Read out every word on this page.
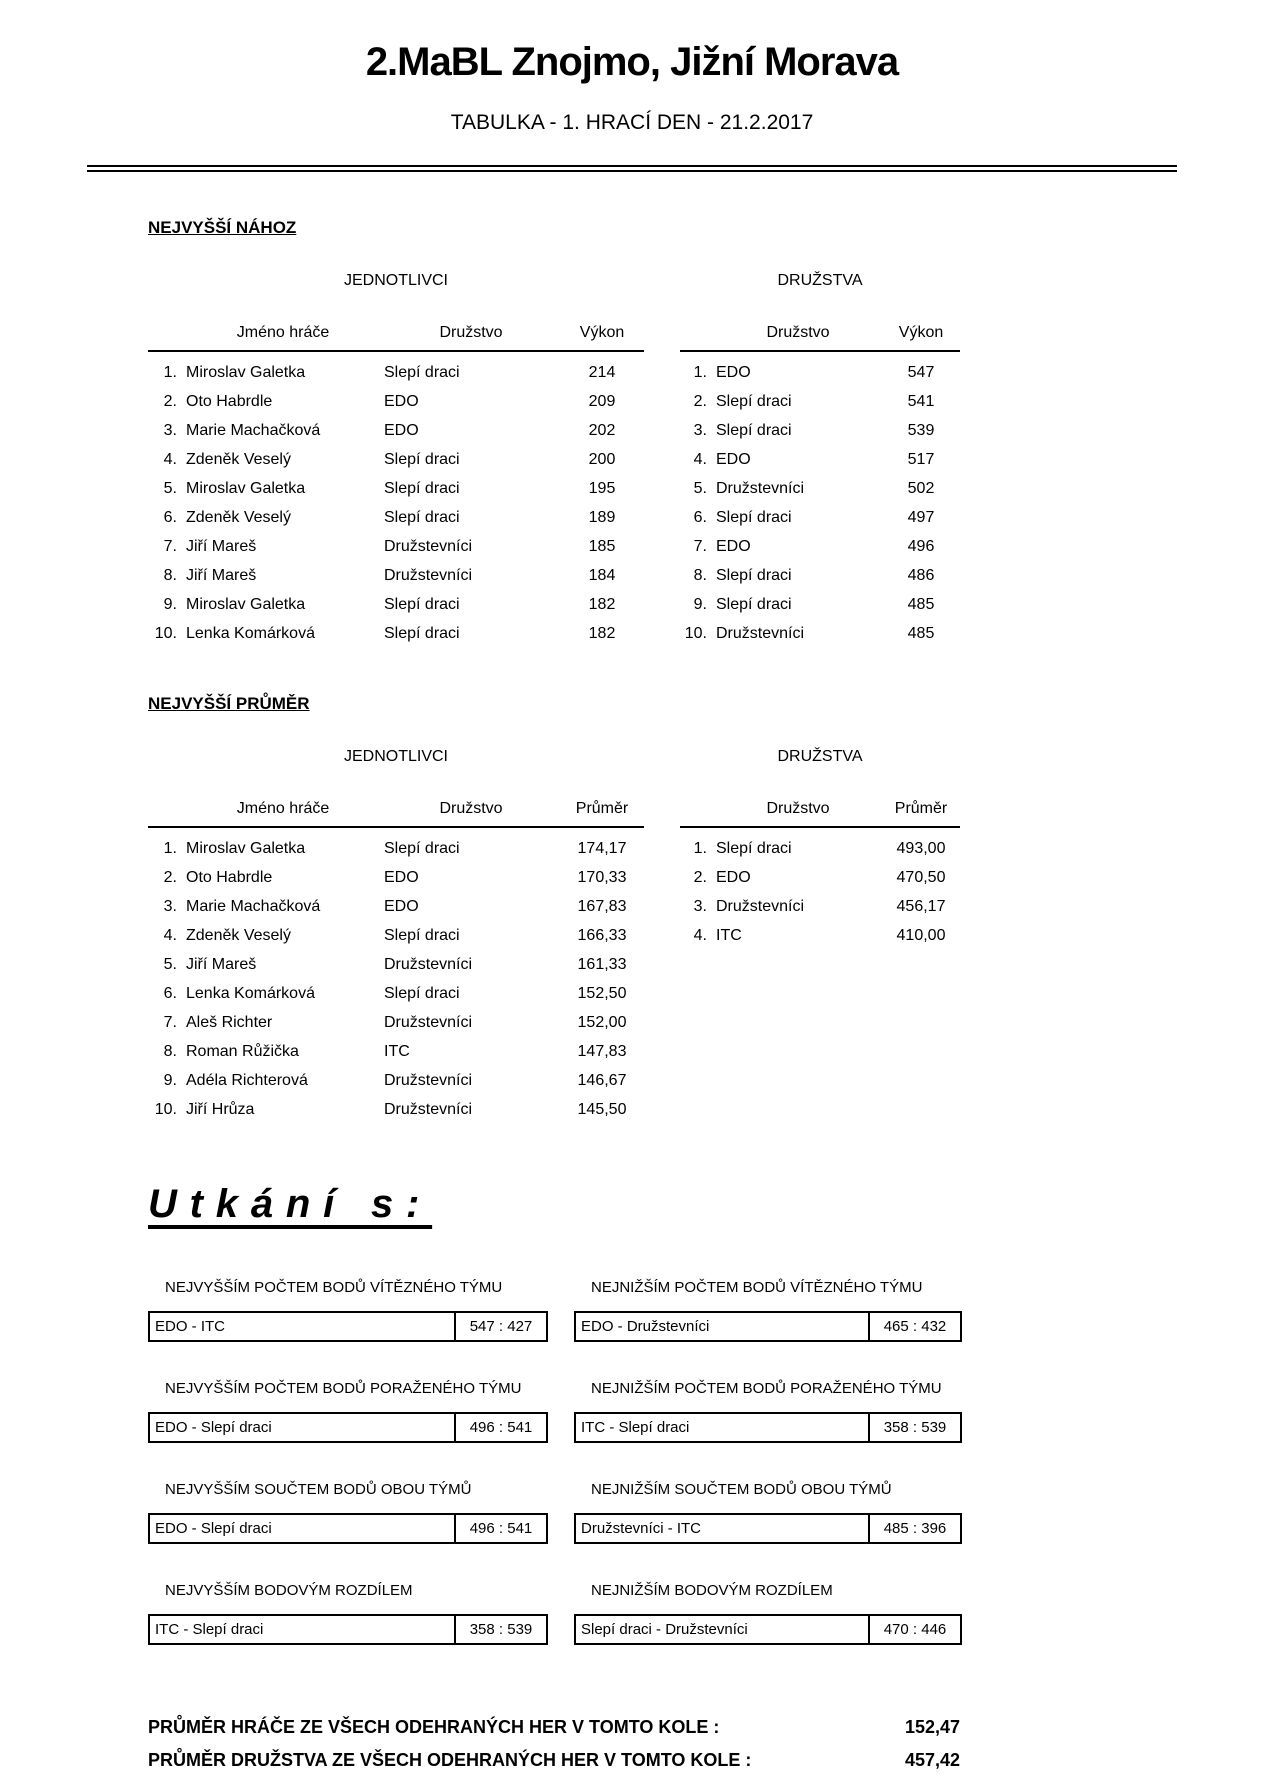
2.MaBL Znojmo, Jižní Morava
TABULKA - 1. HRACÍ DEN - 21.2.2017
NEJVYŠŠÍ NÁHOZ
JEDNOTLIVCI
Jméno hráče	Družstvo	Výkon
1. Miroslav Galetka	Slepí draci	214
2. Oto Habrdle	EDO	209
3. Marie Machačková	EDO	202
4. Zdeněk Veselý	Slepí draci	200
5. Miroslav Galetka	Slepí draci	195
6. Zdeněk Veselý	Slepí draci	189
7. Jiří Mareš	Družstevníci	185
8. Jiří Mareš	Družstevníci	184
9. Miroslav Galetka	Slepí draci	182
10. Lenka Komárková	Slepí draci	182
DRUŽSTVA
Družstvo	Výkon
1. EDO	547
2. Slepí draci	541
3. Slepí draci	539
4. EDO	517
5. Družstevníci	502
6. Slepí draci	497
7. EDO	496
8. Slepí draci	486
9. Slepí draci	485
10. Družstevníci	485
NEJVYŠŠÍ PRŮMĚR
JEDNOTLIVCI
Jméno hráče	Družstvo	Průměr
1. Miroslav Galetka	Slepí draci	174,17
2. Oto Habrdle	EDO	170,33
3. Marie Machačková	EDO	167,83
4. Zdeněk Veselý	Slepí draci	166,33
5. Jiří Mareš	Družstevníci	161,33
6. Lenka Komárková	Slepí draci	152,50
7. Aleš Richter	Družstevníci	152,00
8. Roman Růžička	ITC	147,83
9. Adéla Richterová	Družstevníci	146,67
10. Jiří Hrůza	Družstevníci	145,50
DRUŽSTVA
Družstvo	Průměr
1. Slepí draci	493,00
2. EDO	470,50
3. Družstevníci	456,17
4. ITC	410,00
Utkání s:
NEJVYŠŠÍM POČTEM BODŮ VÍTĚZNÉHO TÝMU
EDO - ITC	547 : 427
NEJNIŽŠÍM POČTEM BODŮ VÍTĚZNÉHO TÝMU
EDO - Družstevníci	465 : 432
NEJVYŠŠÍM POČTEM BODŮ PORAŽENÉHO TÝMU
EDO - Slepí draci	496 : 541
NEJNIŽŠÍM POČTEM BODŮ PORAŽENÉHO TÝMU
ITC - Slepí draci	358 : 539
NEJVYŠŠÍM SOUČTEM BODŮ OBOU TÝMŮ
EDO - Slepí draci	496 : 541
NEJNIŽŠÍM SOUČTEM BODŮ OBOU TÝMŮ
Družstevníci - ITC	485 : 396
NEJVYŠŠÍM BODOVÝM ROZDÍLEM
ITC - Slepí draci	358 : 539
NEJNIŽŠÍM BODOVÝM ROZDÍLEM
Slepí draci - Družstevníci	470 : 446
PRŮMĚR HRÁČE ZE VŠECH ODEHRANÝCH HER V TOMTO KOLE :	152,47
PRŮMĚR DRUŽSTVA ZE VŠECH ODEHRANÝCH HER V TOMTO KOLE :	457,42
